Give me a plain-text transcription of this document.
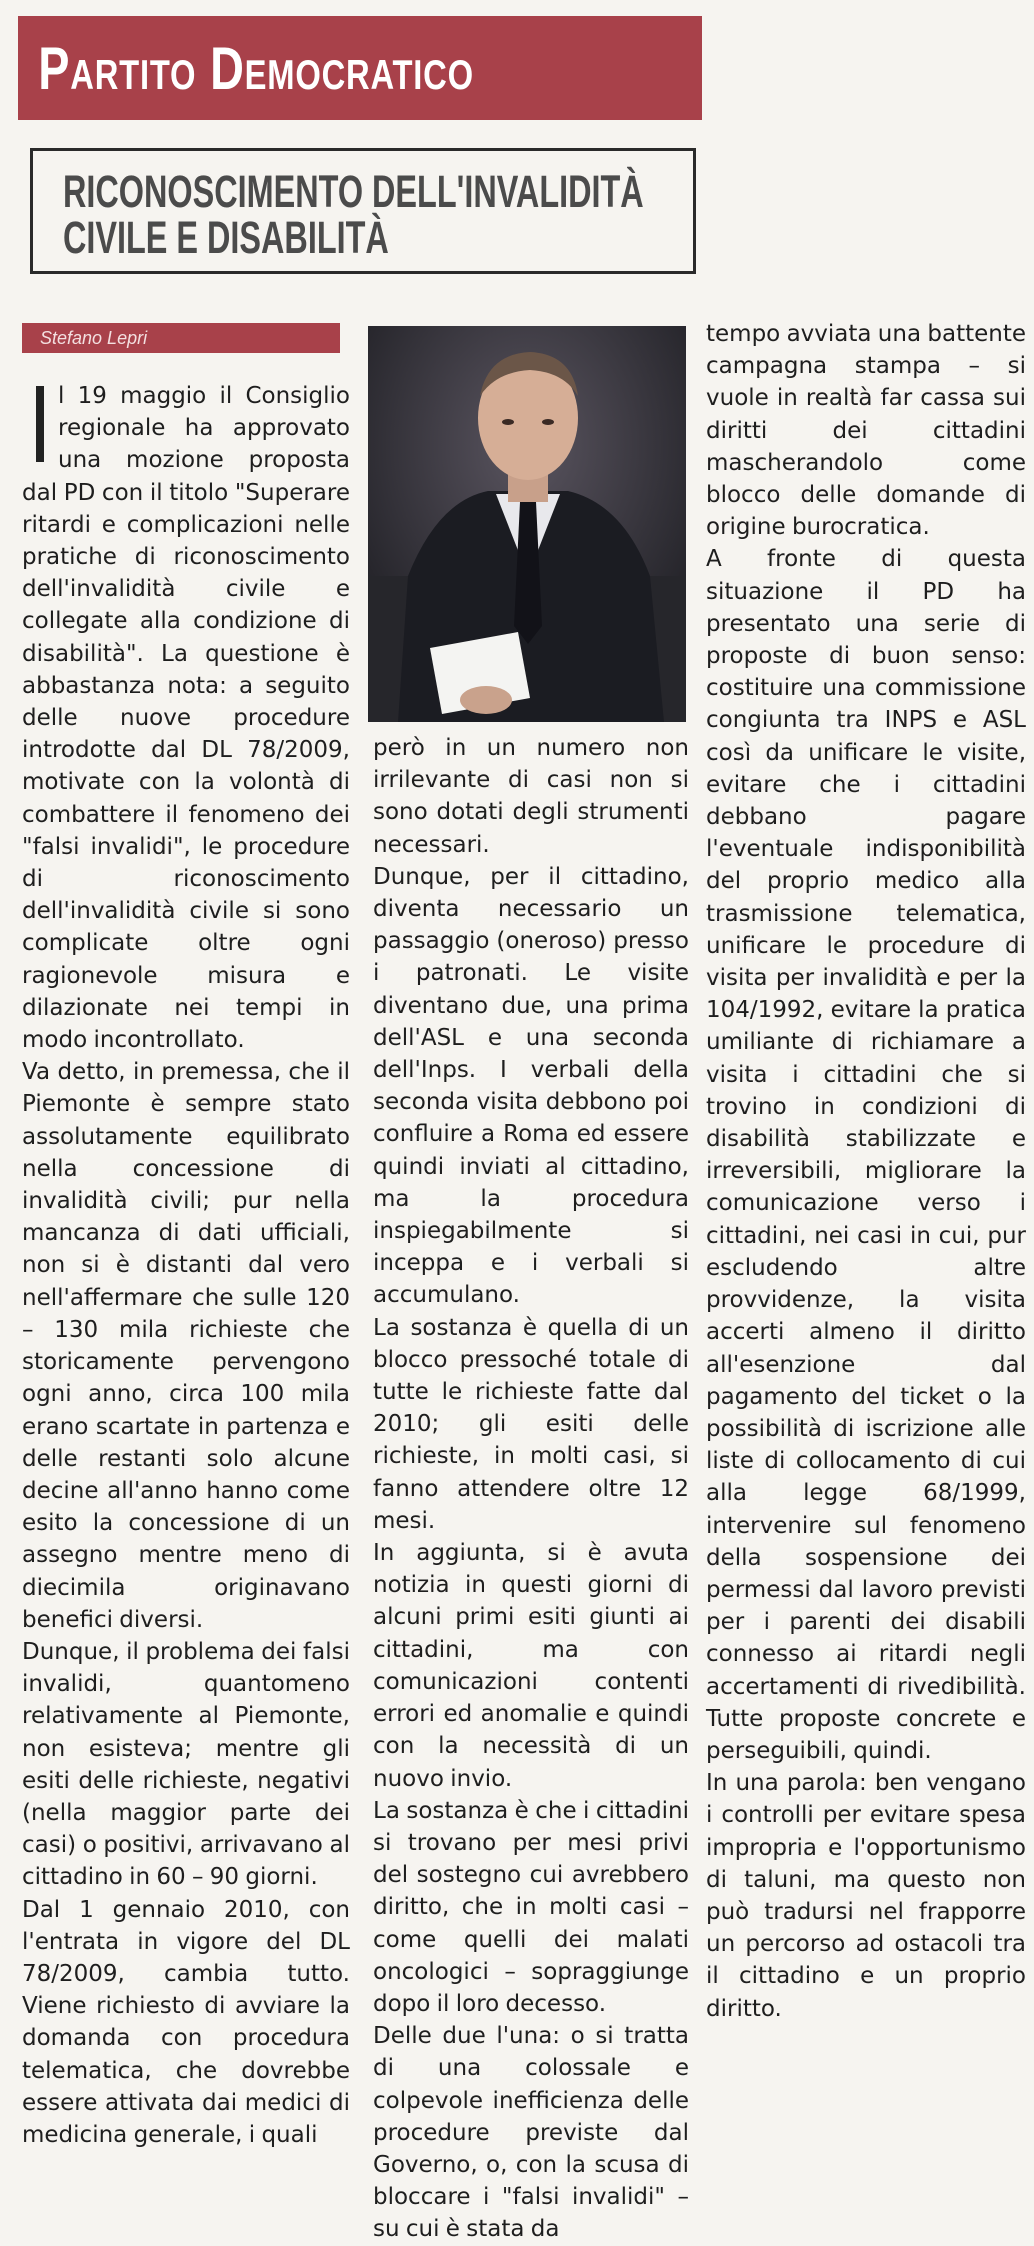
Partito Democratico
RICONOSCIMENTO DELL'INVALIDITÀ
CIVILE E DISABILITÀ
Stefano Lepri

l 19 maggio il Consiglio regionale ha approvato una mozione proposta dal PD con il titolo "Superare ritardi e complicazioni nelle pratiche di riconoscimento dell'invalidità civile e collegate alla condizione di disabilità". La questione è abbastanza nota: a seguito delle nuove procedure introdotte dal DL 78/2009, motivate con la volontà di combattere il fenomeno dei "falsi invalidi", le procedure di riconoscimento dell'invalidità civile si sono complicate oltre ogni ragionevole misura e dilazionate nei tempi in modo incontrollato.

Va detto, in premessa, che il Piemonte è sempre stato assolutamente equilibrato nella concessione di invalidità civili; pur nella mancanza di dati ufficiali, non si è distanti dal vero nell'affermare che sulle 120 – 130 mila richieste che storicamente pervengono ogni anno, circa 100 mila erano scartate in partenza e delle restanti solo alcune decine all'anno hanno come esito la concessione di un assegno mentre meno di diecimila originavano benefici diversi.

Dunque, il problema dei falsi invalidi, quantomeno relativamente al Piemonte, non esisteva; mentre gli esiti delle richieste, negativi (nella maggior parte dei casi) o positivi, arrivavano al cittadino in 60 – 90 giorni.

Dal 1 gennaio 2010, con l'entrata in vigore del DL 78/2009, cambia tutto. Viene richiesto di avviare la domanda con procedura telematica, che dovrebbe essere attivata dai medici di medicina generale, i quali

però in un numero non irrilevante di casi non si sono dotati degli strumenti necessari.

Dunque, per il cittadino, diventa necessario un passaggio (oneroso) presso i patronati. Le visite diventano due, una prima dell'ASL e una seconda dell'Inps. I verbali della seconda visita debbono poi confluire a Roma ed essere quindi inviati al cittadino, ma la procedura inspiegabilmente si inceppa e i verbali si accumulano.

La sostanza è quella di un blocco pressoché totale di tutte le richieste fatte dal 2010; gli esiti delle richieste, in molti casi, si fanno attendere oltre 12 mesi.

In aggiunta, si è avuta notizia in questi giorni di alcuni primi esiti giunti ai cittadini, ma con comunicazioni contenti errori ed anomalie e quindi con la necessità di un nuovo invio.

La sostanza è che i cittadini si trovano per mesi privi del sostegno cui avrebbero diritto, che in molti casi – come quelli dei malati oncologici – sopraggiunge dopo il loro decesso.

Delle due l'una: o si tratta di una colossale e colpevole inefficienza delle procedure previste dal Governo, o, con la scusa di bloccare i "falsi invalidi" – su cui è stata da

tempo avviata una battente campagna stampa – si vuole in realtà far cassa sui diritti dei cittadini mascherandolo come blocco delle domande di origine burocratica.

A fronte di questa situazione il PD ha presentato una serie di proposte di buon senso: costituire una commissione congiunta tra INPS e ASL così da unificare le visite, evitare che i cittadini debbano pagare l'eventuale indisponibilità del proprio medico alla trasmissione telematica, unificare le procedure di visita per invalidità e per la 104/1992, evitare la pratica umiliante di richiamare a visita i cittadini che si trovino in condizioni di disabilità stabilizzate e irreversibili, migliorare la comunicazione verso i cittadini, nei casi in cui, pur escludendo altre provvidenze, la visita accerti almeno il diritto all'esenzione dal pagamento del ticket o la possibilità di iscrizione alle liste di collocamento di cui alla legge 68/1999, intervenire sul fenomeno della sospensione dei permessi dal lavoro previsti per i parenti dei disabili connesso ai ritardi negli accertamenti di rivedibilità. Tutte proposte concrete e perseguibili, quindi.

In una parola: ben vengano i controlli per evitare spesa impropria e l'opportunismo di taluni, ma questo non può tradursi nel frapporre un percorso ad ostacoli tra il cittadino e un proprio diritto.
